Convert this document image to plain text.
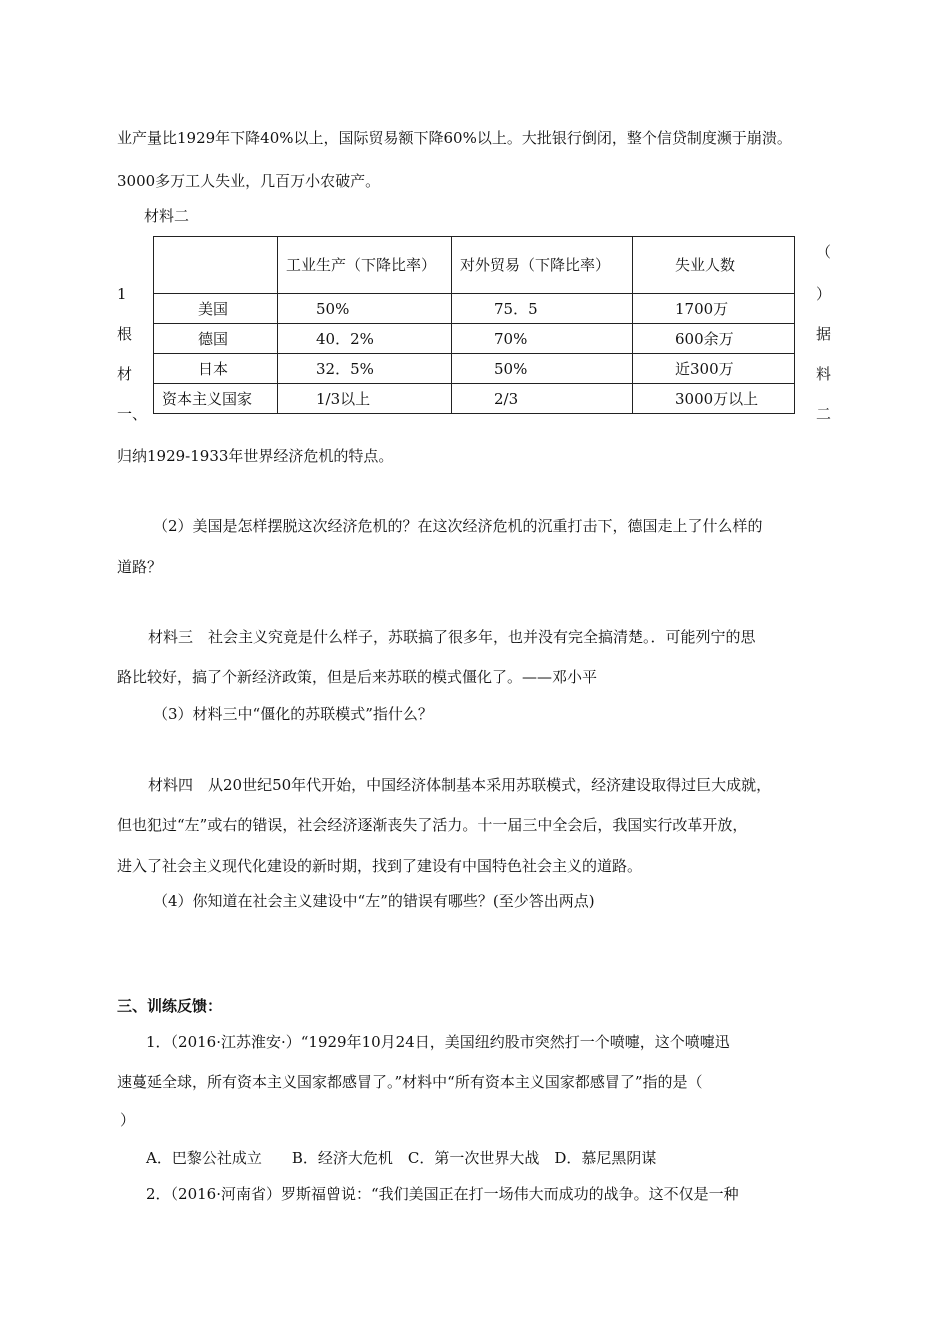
业产量比1929年下降40%以上，国际贸易额下降60%以上。大批银行倒闭，整个信贷制度濒于崩溃。
3000多万工人失业，几百万小农破产。
材料二

	工业生产（下降比率）	对外贸易（下降比率）	失业人数

美国	50%	75．5	1700万

德国	40．2%	70%	600余万

日本	32．5%	50%	近300万

资本主义国家	1/3以上	2/3	3000万以上
1
根
材
一、
（
）
据
料
二
归纳1929-1933年世界经济危机的特点。
（2）美国是怎样摆脱这次经济危机的？在这次经济危机的沉重打击下，德国走上了什么样的
道路？
材料三　社会主义究竟是什么样子，苏联搞了很多年，也并没有完全搞清楚。．可能列宁的思
路比较好，搞了个新经济政策，但是后来苏联的模式僵化了。——邓小平
（3）材料三中“僵化的苏联模式”指什么？
材料四　从20世纪50年代开始，中国经济体制基本采用苏联模式，经济建设取得过巨大成就，
但也犯过“左”或右的错误，社会经济逐渐丧失了活力。十一届三中全会后，我国实行改革开放，
进入了社会主义现代化建设的新时期，找到了建设有中国特色社会主义的道路。
（4）你知道在社会主义建设中“左”的错误有哪些？(至少答出两点)
三、训练反馈：
1．（2016·江苏淮安·）“1929年10月24日，美国纽约股市突然打一个喷嚏，这个喷嚏迅
速蔓延全球，所有资本主义国家都感冒了。”材料中“所有资本主义国家都感冒了”指的是（
）
A．巴黎公社成立　　B．经济大危机　C．第一次世界大战　D．慕尼黑阴谋
2．（2016·河南省）罗斯福曾说：“我们美国正在打一场伟大而成功的战争。这不仅是一种
